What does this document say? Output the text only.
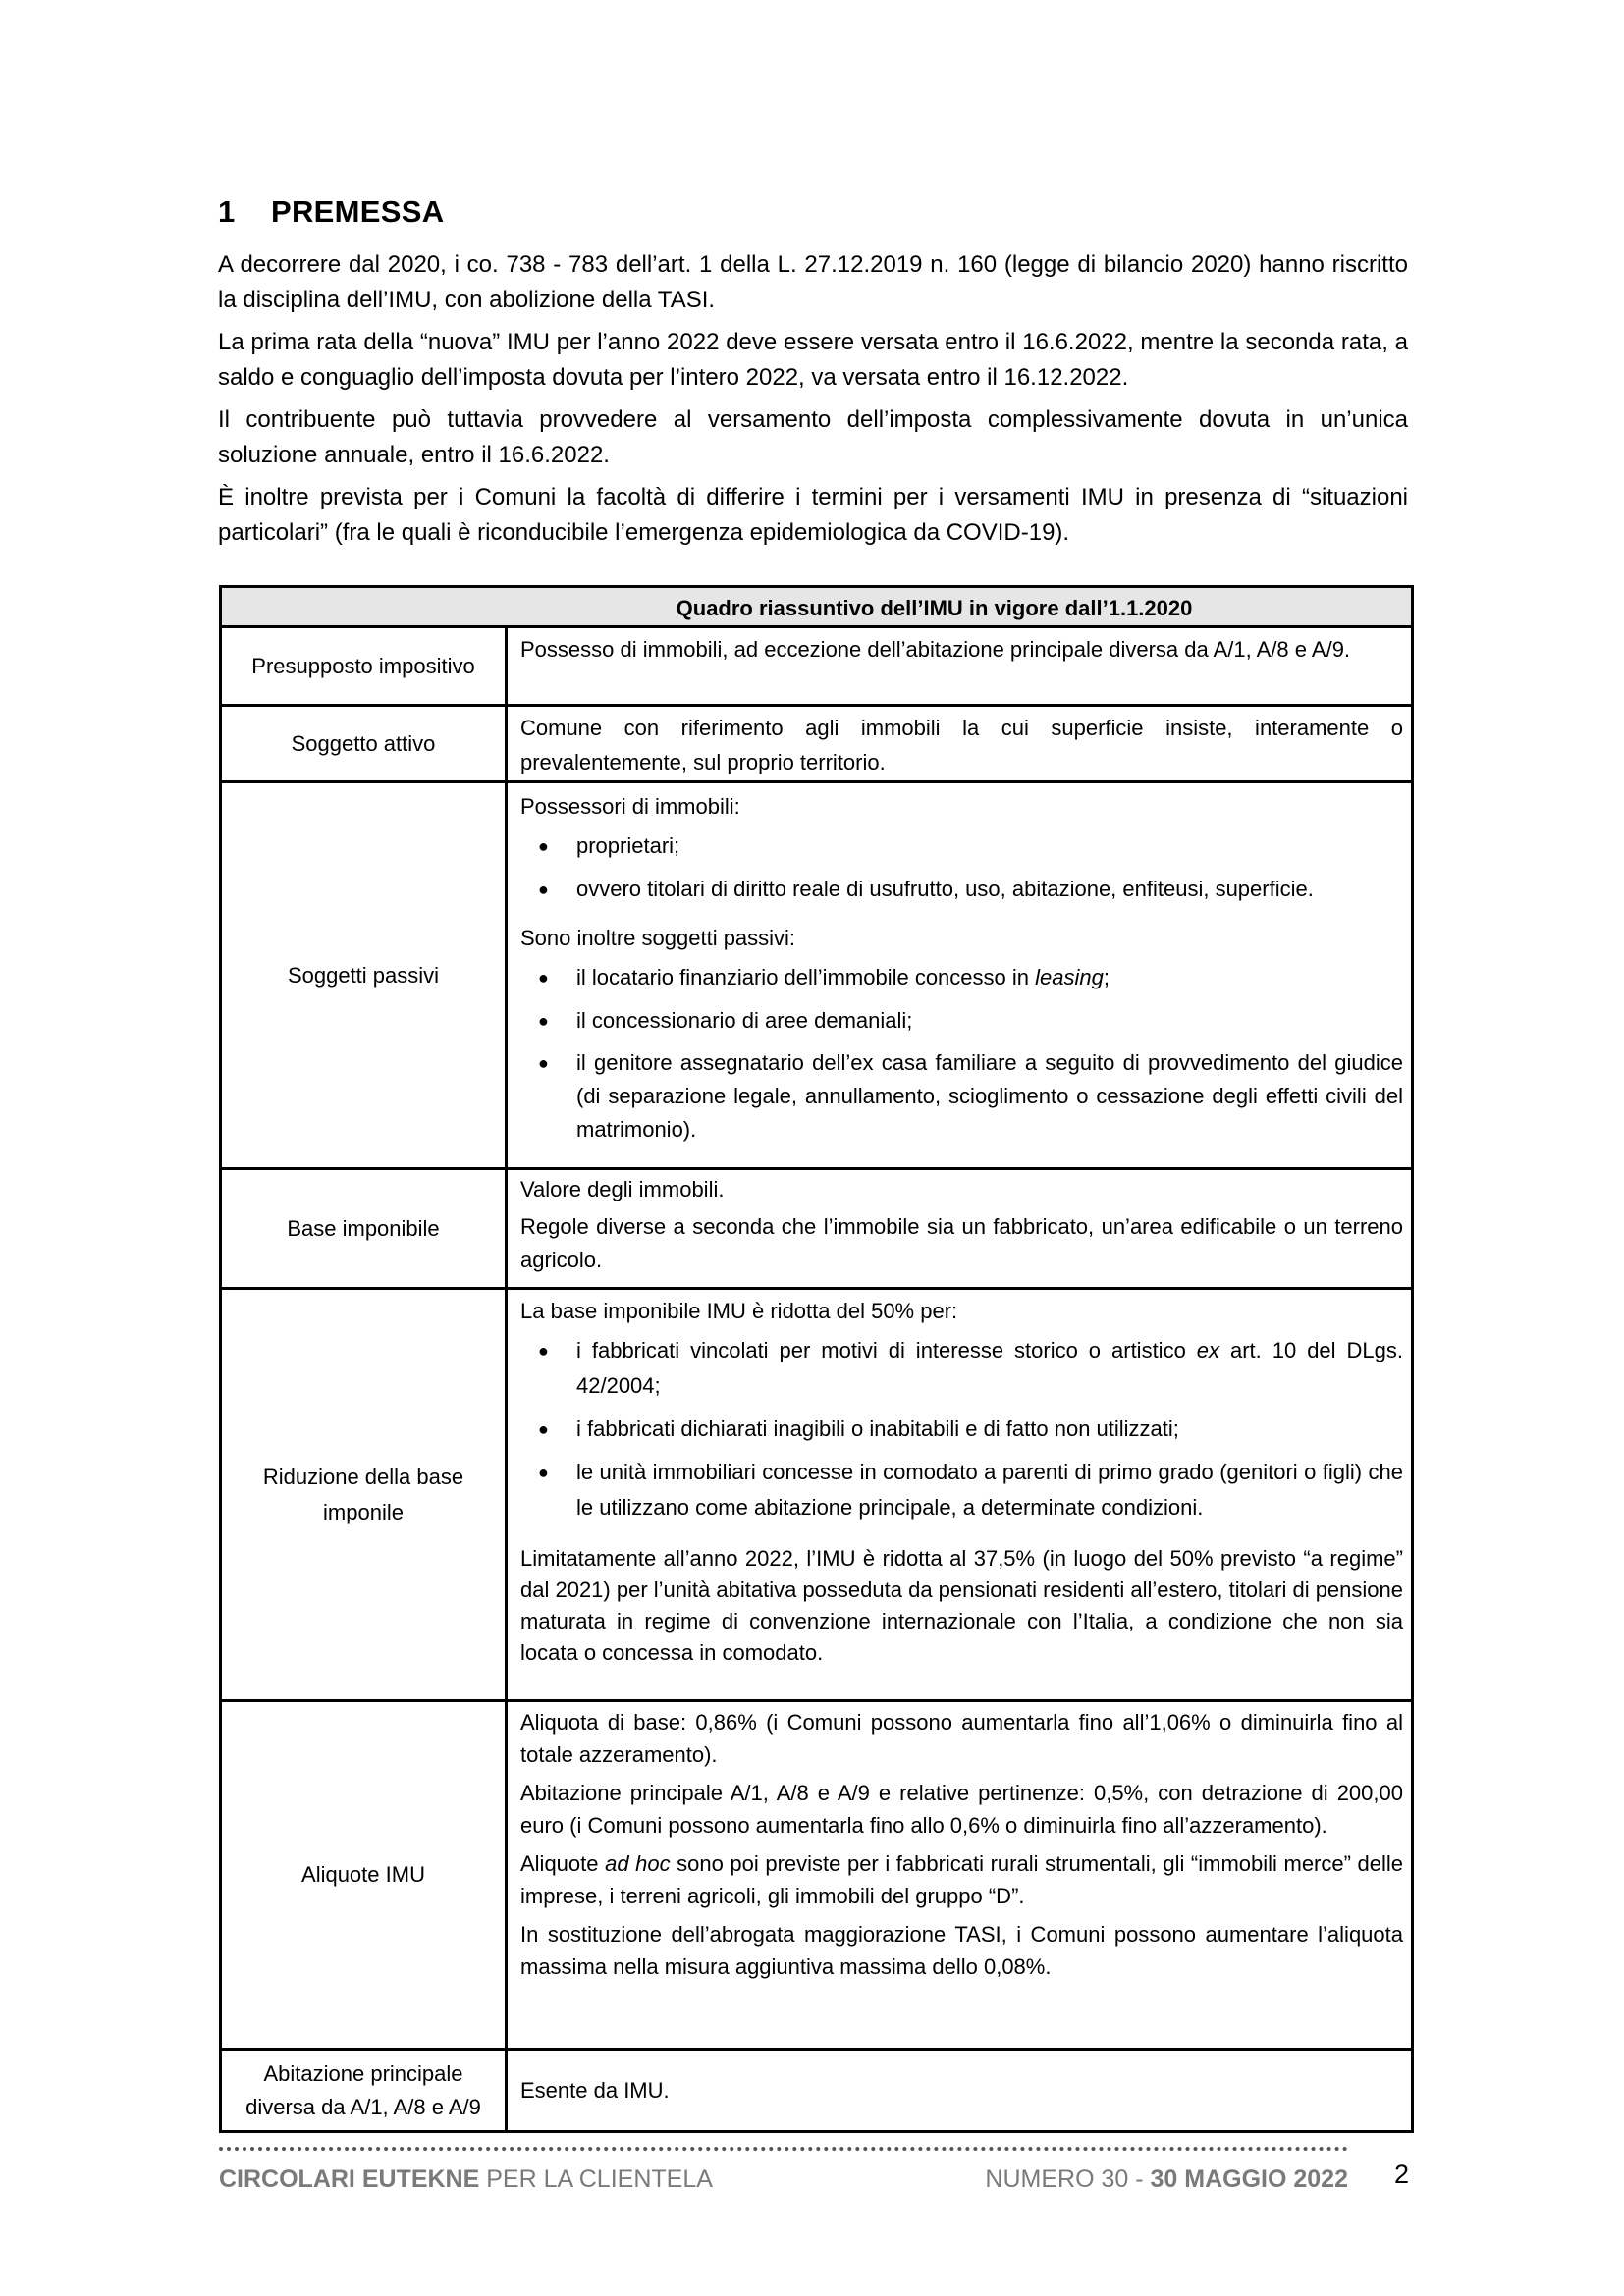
1 PREMESSA

A decorrere dal 2020, i co. 738 - 783 dell’art. 1 della L. 27.12.2019 n. 160 (legge di bilancio 2020) hanno riscritto la disciplina dell’IMU, con abolizione della TASI.

La prima rata della “nuova” IMU per l’anno 2022 deve essere versata entro il 16.6.2022, mentre la seconda rata, a saldo e conguaglio dell’imposta dovuta per l’intero 2022, va versata entro il 16.12.2022.

Il contribuente può tuttavia provvedere al versamento dell’imposta complessivamente dovuta in un’unica soluzione annuale, entro il 16.6.2022.

È inoltre prevista per i Comuni la facoltà di differire i termini per i versamenti IMU in presenza di “situazioni particolari” (fra le quali è riconducibile l’emergenza epidemiologica da COVID-19).

Quadro riassuntivo dell’IMU in vigore dall’1.1.2020
Presupposto impositivo

Possesso di immobili, ad eccezione dell’abitazione principale diversa da A/1, A/8 e A/9.

Soggetto attivo

Comune con riferimento agli immobili la cui superficie insiste, interamente o prevalentemente, sul proprio territorio.

Soggetti passivi

Possessori di immobili:

● proprietari;
● ovvero titolari di diritto reale di usufrutto, uso, abitazione, enfiteusi, superficie.

Sono inoltre soggetti passivi:

● il locatario finanziario dell’immobile concesso in leasing;
● il concessionario di aree demaniali;
● il genitore assegnatario dell’ex casa familiare a seguito di provvedimento del giudice (di separazione legale, annullamento, scioglimento o cessazione degli effetti civili del matrimonio).
Base imponibile

Valore degli immobili.

Regole diverse a seconda che l’immobile sia un fabbricato, un’area edificabile o un terreno agricolo.

Riduzione della base imponile

La base imponibile IMU è ridotta del 50% per:

● i fabbricati vincolati per motivi di interesse storico o artistico ex art. 10 del DLgs. 42/2004;
● i fabbricati dichiarati inagibili o inabitabili e di fatto non utilizzati;
● le unità immobiliari concesse in comodato a parenti di primo grado (genitori o figli) che le utilizzano come abitazione principale, a determinate condizioni.

Limitatamente all’anno 2022, l’IMU è ridotta al 37,5% (in luogo del 50% previsto “a regime” dal 2021) per l’unità abitativa posseduta da pensionati residenti all’estero, titolari di pensione maturata in regime di convenzione internazionale con l’Italia, a condizione che non sia locata o concessa in comodato.

Aliquote IMU

Aliquota di base: 0,86% (i Comuni possono aumentarla fino all’1,06% o diminuirla fino al totale azzeramento).

Abitazione principale A/1, A/8 e A/9 e relative pertinenze: 0,5%, con detrazione di 200,00 euro (i Comuni possono aumentarla fino allo 0,6% o diminuirla fino all’azzeramento).

Aliquote ad hoc sono poi previste per i fabbricati rurali strumentali, gli “immobili merce” delle imprese, i terreni agricoli, gli immobili del gruppo “D”.

In sostituzione dell’abrogata maggiorazione TASI, i Comuni possono aumentare l’aliquota massima nella misura aggiuntiva massima dello 0,08%.

Abitazione principale diversa da A/1, A/8 e A/9

Esente da IMU.

CIRCOLARI EUTEKNE PER LA CLIENTELA	NUMERO 30 - 30 MAGGIO 2022 2
